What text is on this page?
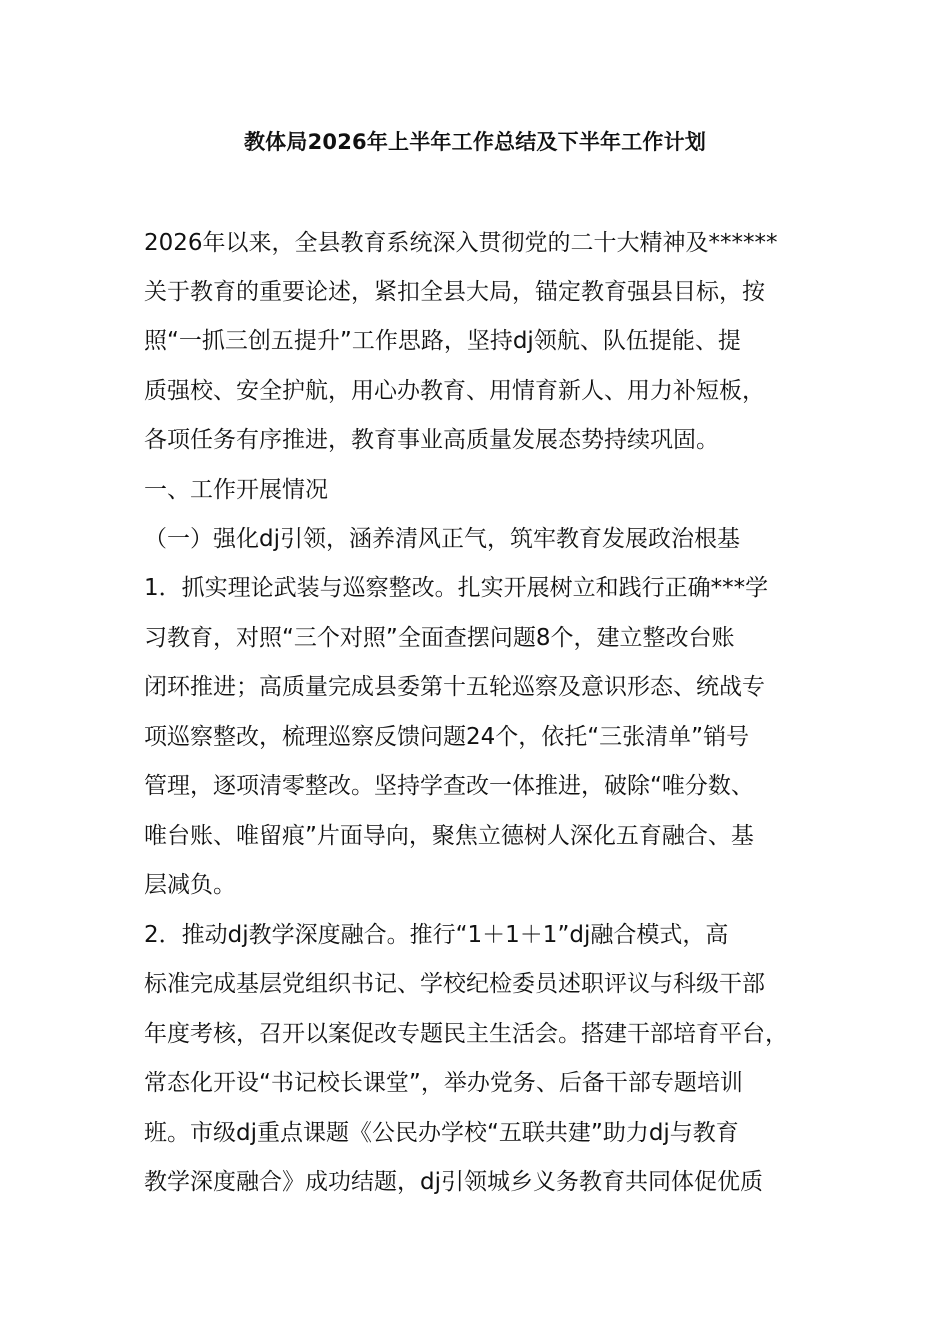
教体局2026年上半年工作总结及下半年工作计划
2026年以来，全县教育系统深入贯彻党的二十大精神及******
关于教育的重要论述，紧扣全县大局，锚定教育强县目标，按
照“一抓三创五提升”工作思路，坚持dj领航、队伍提能、提
质强校、安全护航，用心办教育、用情育新人、用力补短板，
各项任务有序推进，教育事业高质量发展态势持续巩固。
一、工作开展情况
（一）强化dj引领，涵养清风正气，筑牢教育发展政治根基
1．抓实理论武装与巡察整改。扎实开展树立和践行正确***学
习教育，对照“三个对照”全面查摆问题8个，建立整改台账
闭环推进；高质量完成县委第十五轮巡察及意识形态、统战专
项巡察整改，梳理巡察反馈问题24个，依托“三张清单”销号
管理，逐项清零整改。坚持学查改一体推进，破除“唯分数、
唯台账、唯留痕”片面导向，聚焦立德树人深化五育融合、基
层减负。
2．推动dj教学深度融合。推行“1＋1＋1”dj融合模式，高
标准完成基层党组织书记、学校纪检委员述职评议与科级干部
年度考核，召开以案促改专题民主生活会。搭建干部培育平台，
常态化开设“书记校长课堂”，举办党务、后备干部专题培训
班。市级dj重点课题《公民办学校“五联共建”助力dj与教育
教学深度融合》成功结题，dj引领城乡义务教育共同体促优质
